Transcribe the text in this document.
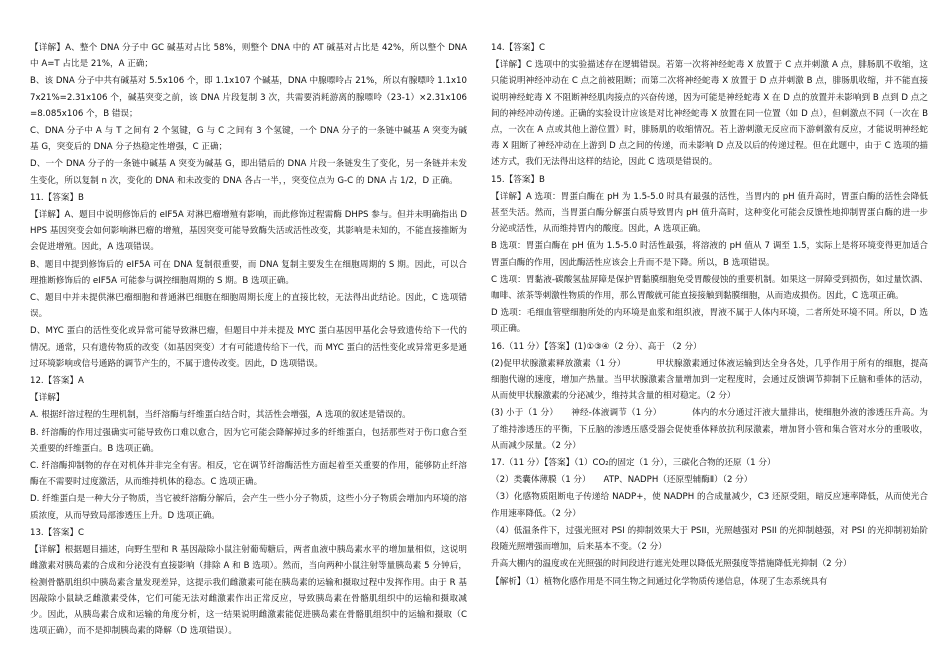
【详解】A、整个 DNA 分子中 GC 碱基对占比 58%，则整个 DNA 中的 AT 碱基对占比是 42%，所以整个 DNA 中 A=T 占比是 21%，A 正确；

B、该 DNA 分子中共有碱基对 5.5x106 个，即 1.1x107 个碱基，DNA 中腺嘌呤占 21%，所以有腺嘌呤 1.1x107x21%=2.31x106 个，碱基突变之前，该 DNA 片段复制 3 次，共需要消耗游离的腺嘌呤（23-1）×2.31x106=8.085x106 个，B 错误；

C、DNA 分子中 A 与 T 之间有 2 个氢键，G 与 C 之间有 3 个氢键，一个 DNA 分子的一条链中碱基 A 突变为碱基 G，突变后的 DNA 分子热稳定性增强，C 正确；

D、一个 DNA 分子的一条链中碱基 A 突变为碱基 G，即出错后的 DNA 片段一条链发生了变化，另一条链并未发生变化，所以复制 n 次，变化的 DNA 和未改变的 DNA 各占一半，，突变位点为 G-C 的 DNA 占 1/2，D 正确。

11.【答案】B

【详解】A、题目中说明修饰后的 eIF5A 对淋巴瘤增殖有影响，而此修饰过程需酶 DHPS 参与。但并未明确指出 DHPS 基因突变会如何影响淋巴瘤的增殖，基因突变可能导致酶失活或活性改变，其影响是未知的，不能直接推断为会促进增殖。因此，A 选项错误。

B、题目中提到修饰后的 eIF5A 可在 DNA 复制很重要，而 DNA 复制主要发生在细胞周期的 S 期。因此，可以合理推断修饰后的 eIF5A 可能参与调控细胞周期的 S 期。B 选项正确。

C、题目中并未提供淋巴瘤细胞和普通淋巴细胞在细胞周期长度上的直接比较，无法得出此结论。因此，C 选项错误。

D、MYC 蛋白的活性变化或异常可能导致淋巴瘤，但题目中并未提及 MYC 蛋白基因甲基化会导致遗传给下一代的情况。通常，只有遗传物质的改变（如基因突变）才有可能遗传给下一代，而 MYC 蛋白的活性变化或异常更多是通过环境影响或信号通路的调节产生的，不属于遗传改变。因此，D 选项错误。

12.【答案】A

【详解】

A. 根据纤溶过程的生理机制，当纤溶酶与纤维蛋白结合时，其活性会增强，A 选项的叙述是错误的。

B. 纤溶酶的作用过强确实可能导致伤口难以愈合，因为它可能会降解掉过多的纤维蛋白，包括那些对于伤口愈合至关重要的纤维蛋白。B 选项正确。

C. 纤溶酶抑制物的存在对机体并非完全有害。相反，它在调节纤溶酶活性方面起着至关重要的作用，能够防止纤溶酶在不需要时过度激活，从而维持机体的稳态。C 选项正确。

D. 纤维蛋白是一种大分子物质，当它被纤溶酶分解后，会产生一些小分子物质，这些小分子物质会增加内环境的溶质浓度，从而导致局部渗透压上升。D 选项正确。

13.【答案】C

【详解】根据题目描述，向野生型和 R 基因敲除小鼠注射葡萄糖后，两者血液中胰岛素水平的增加量相似，这说明雌激素对胰岛素的合成和分泌没有直接影响（排除 A 和 B 选项）。然而，当向两种小鼠注射等量胰岛素 5 分钟后，检测骨骼肌组织中胰岛素含量发现差异，这提示我们雌激素可能在胰岛素的运输和摄取过程中发挥作用。由于 R 基因敲除小鼠缺乏雌激素受体，它们可能无法对雌激素作出正常反应，导致胰岛素在骨骼肌组织中的运输和摄取减少。因此，从胰岛素合成和运输的角度分析，这一结果说明雌激素能促进胰岛素在骨骼肌组织中的运输和摄取（C 选项正确），而不是抑制胰岛素的降解（D 选项错误）。

14.【答案】C

【详解】C 选项中的实验描述存在逻辑错误。若第一次将神经蛇毒 X 放置于 C 点并刺激 A 点，腓肠肌不收缩，这只能说明神经冲动在 C 点之前被阻断；而第二次将神经蛇毒 X 放置于 D 点并刺激 B 点，腓肠肌收缩，并不能直接说明神经蛇毒 X 不阻断神经肌肉接点的兴奋传递，因为可能是神经蛇毒 X 在 D 点的放置并未影响到 B 点到 D 点之间的神经冲动传递。正确的实验设计应该是对比神经蛇毒 X 放置在同一位置（如 D 点），但刺激点不同（一次在 B 点，一次在 A 点或其他上游位置）时，腓肠肌的收缩情况。若上游刺激无反应而下游刺激有反应，才能说明神经蛇毒 X 阻断了神经冲动在上游到 D 点之间的传递，而未影响 D 点及以后的传递过程。但在此题中，由于 C 选项的描述方式，我们无法得出这样的结论，因此 C 选项是错误的。

15.【答案】B

【详解】A 选项：胃蛋白酶在 pH 为 1.5-5.0 时具有最强的活性，当胃内的 pH 值升高时，胃蛋白酶的活性会降低甚至失活。然而，当胃蛋白酶分解蛋白质导致胃内 pH 值升高时，这种变化可能会反馈性地抑制胃蛋白酶的进一步分泌或活性，从而维持胃内的酸度。因此，A 选项正确。

B 选项：胃蛋白酶在 pH 值为 1.5-5.0 时活性最强，将溶液的 pH 值从 7 调至 1.5，实际上是将环境变得更加适合胃蛋白酶的作用，因此酶活性应该会上升而不是下降。所以，B 选项错误。

C 选项：胃黏液-碳酸氢盐屏障是保护胃黏膜细胞免受胃酸侵蚀的重要机制。如果这一屏障受到损伤，如过量饮酒、咖啡、浓茶等刺激性物质的作用，那么胃酸就可能直接接触到黏膜细胞，从而造成损伤。因此，C 选项正确。

D 选项：毛细血管壁细胞所处的内环境是血浆和组织液，胃液不属于人体内环境，二者所处环境不同。所以，D 选项正确。

16.（11 分）【答案】(1)①③④（2 分）、高于 （2 分）

(2)促甲状腺激素释放激素（1 分）　　　　甲状腺激素通过体液运输到达全身各处，几乎作用于所有的细胞，提高细胞代谢的速度，增加产热量。当甲状腺激素含量增加到一定程度时，会通过反馈调节抑制下丘脑和垂体的活动，从而使甲状腺激素的分泌减少，维持其含量的相对稳定。（2 分）

(3) 小于（1 分）　　神经-体液调节（1 分）　　　　体内的水分通过汗液大量排出，使细胞外液的渗透压升高。为了维持渗透压的平衡，下丘脑的渗透压感受器会促使垂体释放抗利尿激素，增加肾小管和集合管对水分的重吸收，从而减少尿量。（2 分）

17.（11 分）【答案】（1）CO₂的固定（1 分），三碳化合物的还原（1 分）

（2）类囊体薄膜（1 分）　　ATP、NADPH（还原型辅酶Ⅱ）（2 分）

（3）化感物质阻断电子传递给 NADP+，使 NADPH 的合成量减少，C3 还原受阻，暗反应速率降低，从而使光合作用速率降低。（2 分）

（4）低温条件下，过强光照对 PSI 的抑制效果大于 PSII，光照越强对 PSII 的光抑制越强，对 PSI 的光抑制初始阶段随光照增强而增加，后来基本不变。（2 分）

升高大棚内的温度或在光照强的时间段进行遮光处理以降低光照强度等措施降低光抑制（2 分）

【解析】（1）植物化感作用是不同生物之间通过化学物质传递信息，体现了生态系统具有
